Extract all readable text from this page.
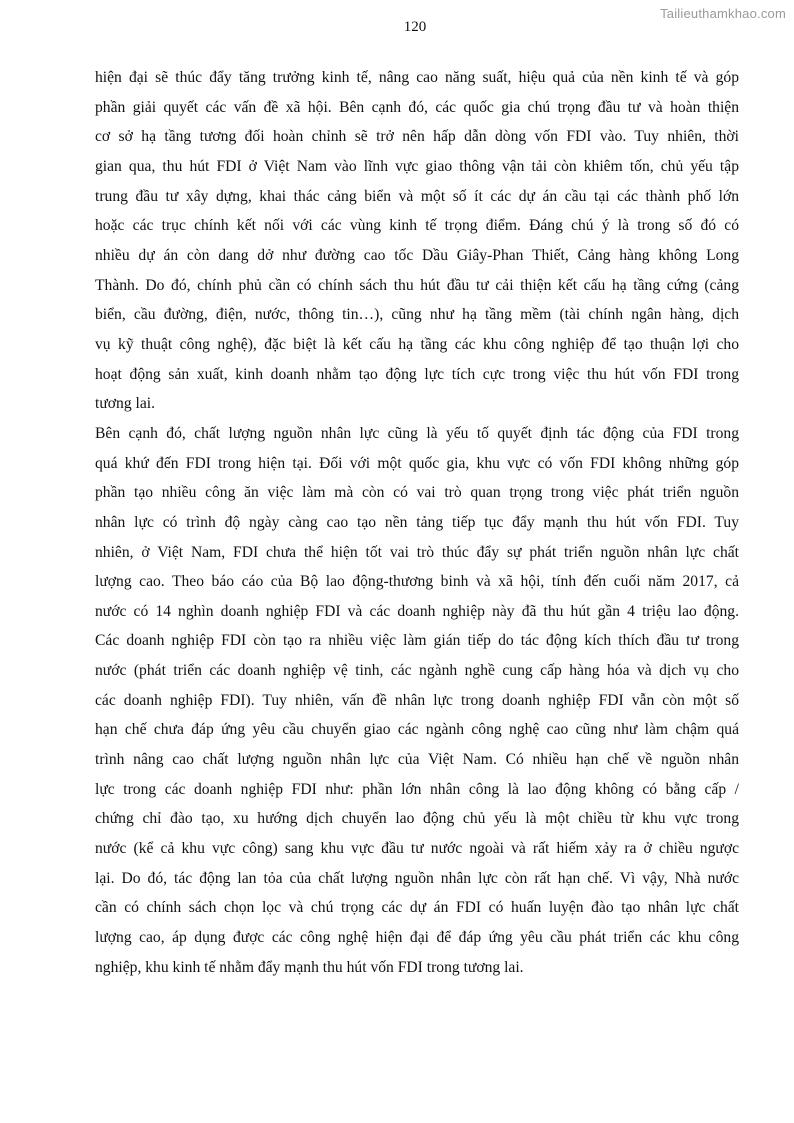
Tailieuthamkhao.com
120

hiện đại sẽ thúc đẩy tăng trưởng kinh tế, nâng cao năng suất, hiệu quả của nền kinh tế và góp
phần giải quyết các vấn đề xã hội. Bên cạnh đó, các quốc gia chú trọng đầu tư và hoàn thiện
cơ sở hạ tầng tương đối hoàn chỉnh sẽ trở nên hấp dẫn dòng vốn FDI vào. Tuy nhiên, thời
gian qua, thu hút FDI ở Việt Nam vào lĩnh vực giao thông vận tải còn khiêm tốn, chủ yếu tập
trung đầu tư xây dựng, khai thác cảng biển và một số ít các dự án cầu tại các thành phố lớn
hoặc các trục chính kết nối với các vùng kinh tế trọng điểm. Đáng chú ý là trong số đó có
nhiều dự án còn dang dở như đường cao tốc Dầu Giây-Phan Thiết, Cảng hàng không Long
Thành. Do đó, chính phủ cần có chính sách thu hút đầu tư cải thiện kết cấu hạ tầng cứng (cảng
biển, cầu đường, điện, nước, thông tin…), cũng như hạ tầng mềm (tài chính ngân hàng, dịch
vụ kỹ thuật công nghệ), đặc biệt là kết cấu hạ tầng các khu công nghiệp để tạo thuận lợi cho
hoạt động sản xuất, kinh doanh nhằm tạo động lực tích cực trong việc thu hút vốn FDI trong
tương lai.

Bên cạnh đó, chất lượng nguồn nhân lực cũng là yếu tố quyết định tác động của FDI trong
quá khứ đến FDI trong hiện tại. Đối với một quốc gia, khu vực có vốn FDI không những góp
phần tạo nhiều công ăn việc làm mà còn có vai trò quan trọng trong việc phát triển nguồn
nhân lực có trình độ ngày càng cao tạo nền tảng tiếp tục đẩy mạnh thu hút vốn FDI. Tuy
nhiên, ở Việt Nam, FDI chưa thể hiện tốt vai trò thúc đẩy sự phát triển nguồn nhân lực chất
lượng cao. Theo báo cáo của Bộ lao động-thương binh và xã hội, tính đến cuối năm 2017, cả
nước có 14 nghìn doanh nghiệp FDI và các doanh nghiệp này đã thu hút gần 4 triệu lao động.
Các doanh nghiệp FDI còn tạo ra nhiều việc làm gián tiếp do tác động kích thích đầu tư trong
nước (phát triển các doanh nghiệp vệ tinh, các ngành nghề cung cấp hàng hóa và dịch vụ cho
các doanh nghiệp FDI). Tuy nhiên, vấn đề nhân lực trong doanh nghiệp FDI vẫn còn một số
hạn chế chưa đáp ứng yêu cầu chuyển giao các ngành công nghệ cao cũng như làm chậm quá
trình nâng cao chất lượng nguồn nhân lực của Việt Nam. Có nhiều hạn chế về nguồn nhân
lực trong các doanh nghiệp FDI như: phần lớn nhân công là lao động không có bằng cấp /
chứng chỉ đào tạo, xu hướng dịch chuyển lao động chủ yếu là một chiều từ khu vực trong
nước (kể cả khu vực công) sang khu vực đầu tư nước ngoài và rất hiếm xảy ra ở chiều ngược
lại. Do đó, tác động lan tỏa của chất lượng nguồn nhân lực còn rất hạn chế. Vì vậy, Nhà nước
cần có chính sách chọn lọc và chú trọng các dự án FDI có huấn luyện đào tạo nhân lực chất
lượng cao, áp dụng được các công nghệ hiện đại để đáp ứng yêu cầu phát triển các khu công
nghiệp, khu kinh tế nhằm đẩy mạnh thu hút vốn FDI trong tương lai.
